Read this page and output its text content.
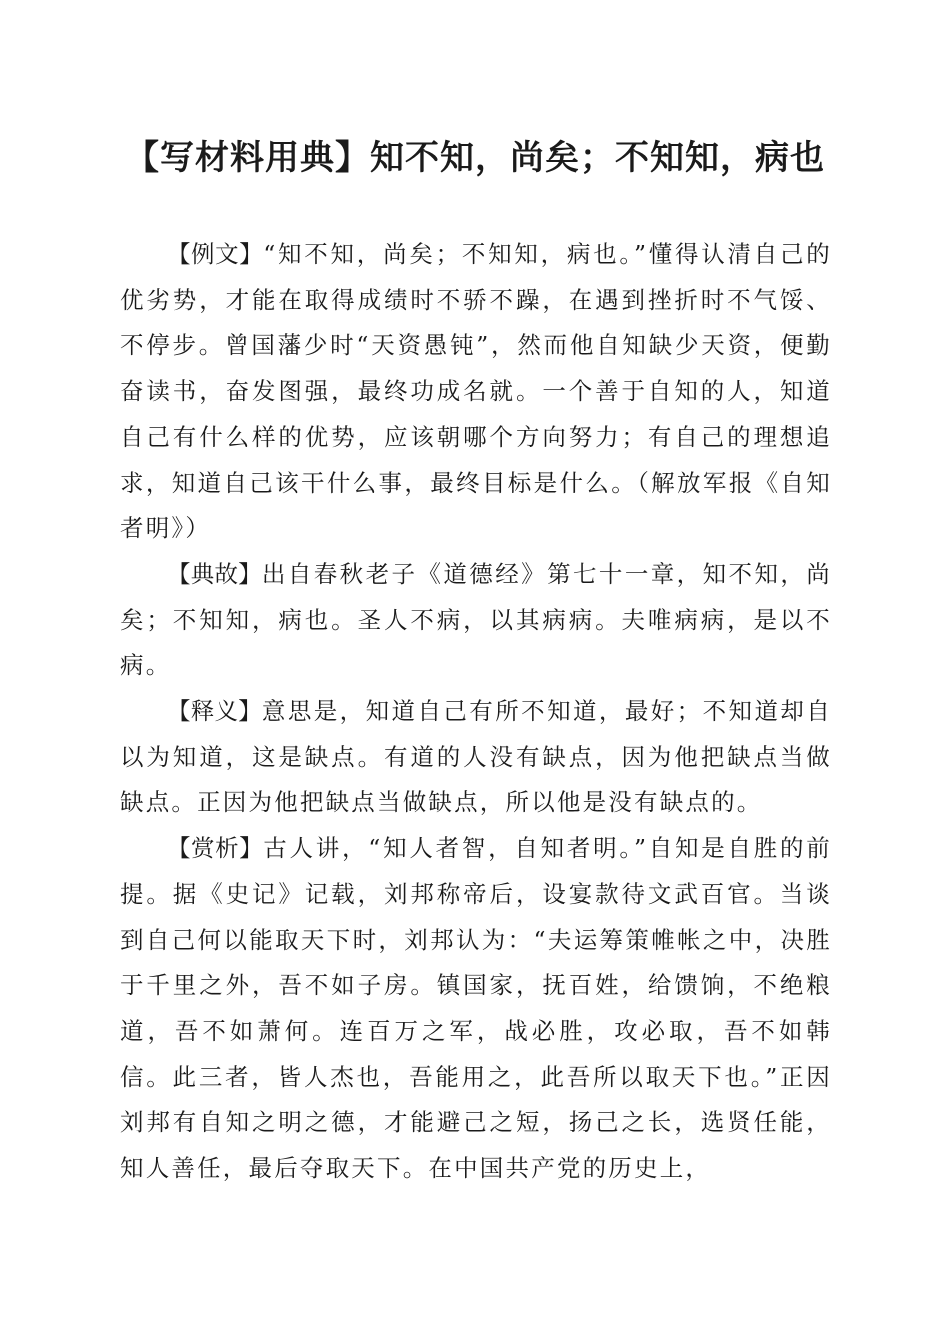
【写材料用典】知不知，尚矣；不知知，病也

【例文】“知不知，尚矣；不知知，病也。”懂得认清自己的优劣势，才能在取得成绩时不骄不躁，在遇到挫折时不气馁、不停步。曾国藩少时“天资愚钝”，然而他自知缺少天资，便勤奋读书，奋发图强，最终功成名就。一个善于自知的人，知道自己有什么样的优势，应该朝哪个方向努力；有自己的理想追求，知道自己该干什么事，最终目标是什么。（解放军报《自知者明》）

【典故】出自春秋老子《道德经》第七十一章，知不知，尚矣；不知知，病也。圣人不病，以其病病。夫唯病病，是以不病。

【释义】意思是，知道自己有所不知道，最好；不知道却自以为知道，这是缺点。有道的人没有缺点，因为他把缺点当做缺点。正因为他把缺点当做缺点，所以他是没有缺点的。

【赏析】古人讲，“知人者智，自知者明。”自知是自胜的前提。据《史记》记载，刘邦称帝后，设宴款待文武百官。当谈到自己何以能取天下时，刘邦认为：“夫运筹策帷帐之中，决胜于千里之外，吾不如子房。镇国家，抚百姓，给馈饷，不绝粮道，吾不如萧何。连百万之军，战必胜，攻必取，吾不如韩信。此三者，皆人杰也，吾能用之，此吾所以取天下也。”正因刘邦有自知之明之德，才能避己之短，扬己之长，选贤任能，知人善任，最后夺取天下。在中国共产党的历史上，
